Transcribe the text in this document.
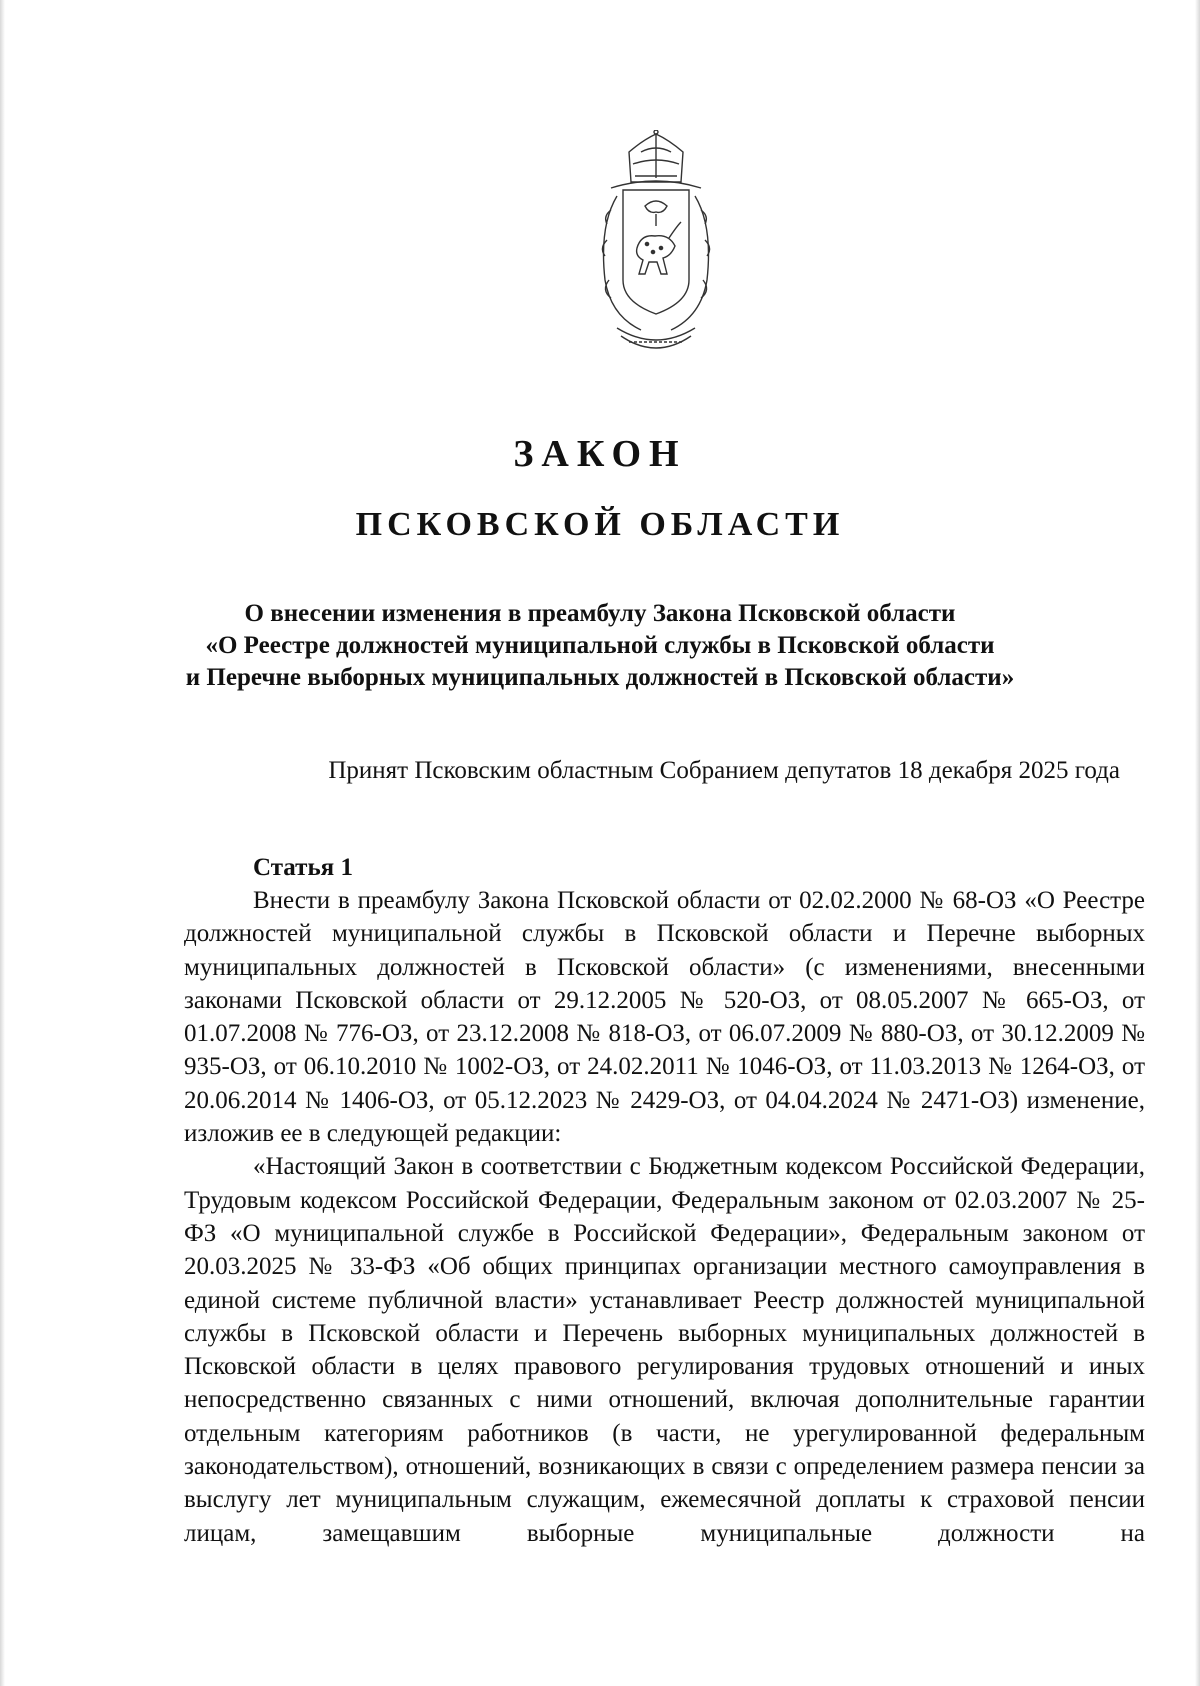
ЗАКОН
ПСКОВСКОЙ ОБЛАСТИ
О внесении изменения в преамбулу Закона Псковской области
«О Реестре должностей муниципальной службы в Псковской области
и Перечне выборных муниципальных должностей в Псковской области»
Принят Псковским областным Собранием депутатов 18 декабря 2025 года
Статья 1

Внести в преамбулу Закона Псковской области от 02.02.2000 № 68-ОЗ «О Реестре должностей муниципальной службы в Псковской области и Перечне выборных муниципальных должностей в Псковской области» (с изменениями, внесенными законами Псковской области от 29.12.2005 № 520-ОЗ, от 08.05.2007 № 665-ОЗ, от 01.07.2008 № 776-ОЗ, от 23.12.2008 № 818-ОЗ, от 06.07.2009 № 880-ОЗ, от 30.12.2009 № 935-ОЗ, от 06.10.2010 № 1002-ОЗ, от 24.02.2011 № 1046-ОЗ, от 11.03.2013 № 1264-ОЗ, от 20.06.2014 № 1406-ОЗ, от 05.12.2023 № 2429-ОЗ, от 04.04.2024 № 2471-ОЗ) изменение, изложив ее в следующей редакции:

«Настоящий Закон в соответствии с Бюджетным кодексом Российской Федерации, Трудовым кодексом Российской Федерации, Федеральным законом от 02.03.2007 № 25-ФЗ «О муниципальной службе в Российской Федерации», Федеральным законом от 20.03.2025 № 33-ФЗ «Об общих принципах организации местного самоуправления в единой системе публичной власти» устанавливает Реестр должностей муниципальной службы в Псковской области и Перечень выборных муниципальных должностей в Псковской области в целях правового регулирования трудовых отношений и иных непосредственно связанных с ними отношений, включая дополнительные гарантии отдельным категориям работников (в части, не урегулированной федеральным законодательством), отношений, возникающих в связи с определением размера пенсии за выслугу лет муниципальным служащим, ежемесячной доплаты к страховой пенсии лицам, замещавшим выборные муниципальные должности на
